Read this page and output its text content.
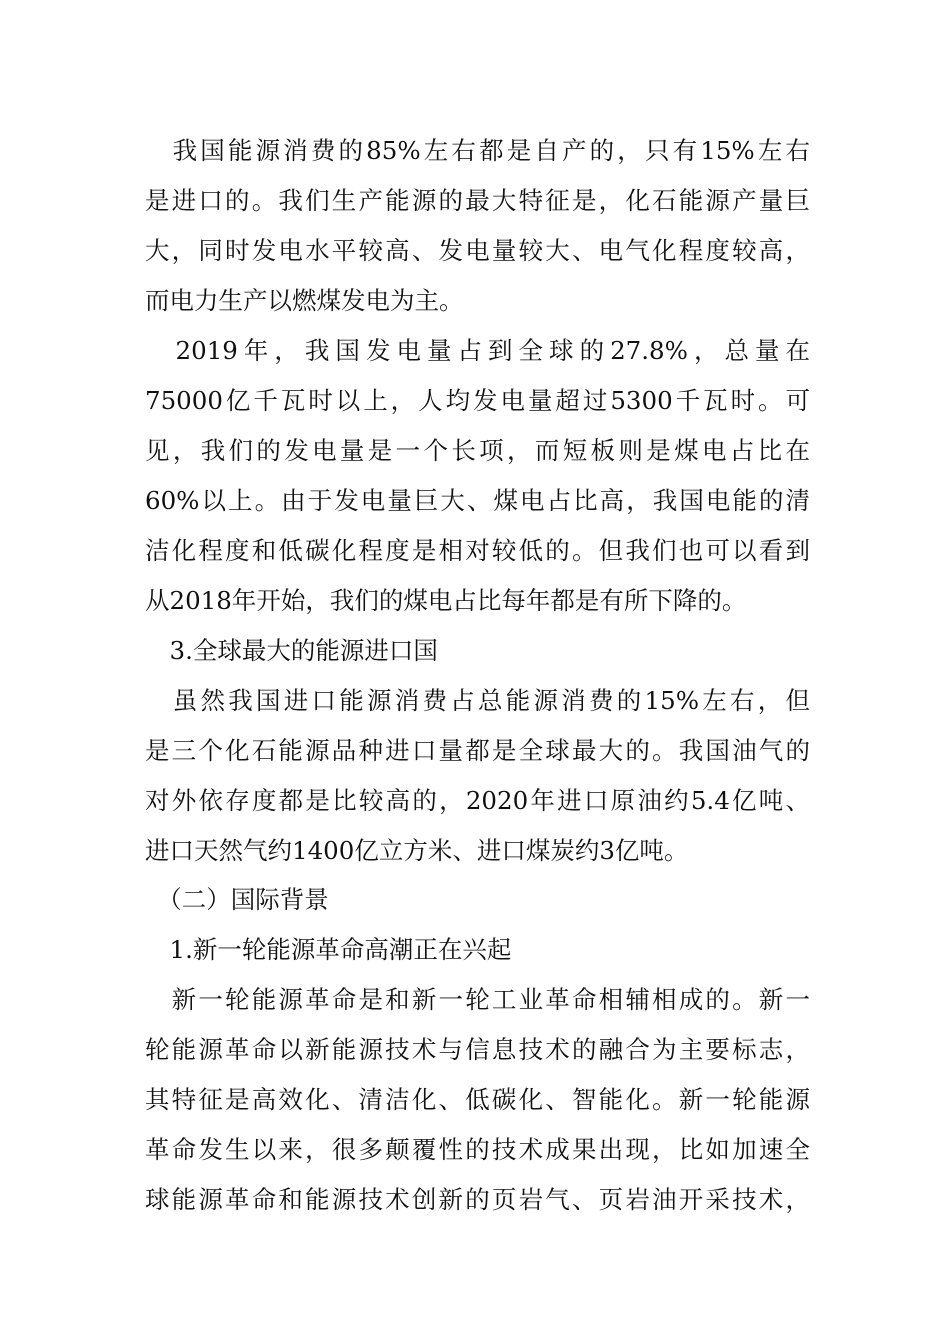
　我国能源消费的85%左右都是自产的，只有15%左右
是进口的。我们生产能源的最大特征是，化石能源产量巨
大，同时发电水平较高、发电量较大、电气化程度较高，
而电力生产以燃煤发电为主。
　2019年，我国发电量占到全球的27.8%，总量在
75000亿千瓦时以上，人均发电量超过5300千瓦时。可
见，我们的发电量是一个长项，而短板则是煤电占比在
60%以上。由于发电量巨大、煤电占比高，我国电能的清
洁化程度和低碳化程度是相对较低的。但我们也可以看到
从2018年开始，我们的煤电占比每年都是有所下降的。
　3.全球最大的能源进口国
　虽然我国进口能源消费占总能源消费的15%左右，但
是三个化石能源品种进口量都是全球最大的。我国油气的
对外依存度都是比较高的，2020年进口原油约5.4亿吨、
进口天然气约1400亿立方米、进口煤炭约3亿吨。
　（二）国际背景
　1.新一轮能源革命高潮正在兴起
　新一轮能源革命是和新一轮工业革命相辅相成的。新一
轮能源革命以新能源技术与信息技术的融合为主要标志，
其特征是高效化、清洁化、低碳化、智能化。新一轮能源
革命发生以来，很多颠覆性的技术成果出现，比如加速全
球能源革命和能源技术创新的页岩气、页岩油开采技术，
